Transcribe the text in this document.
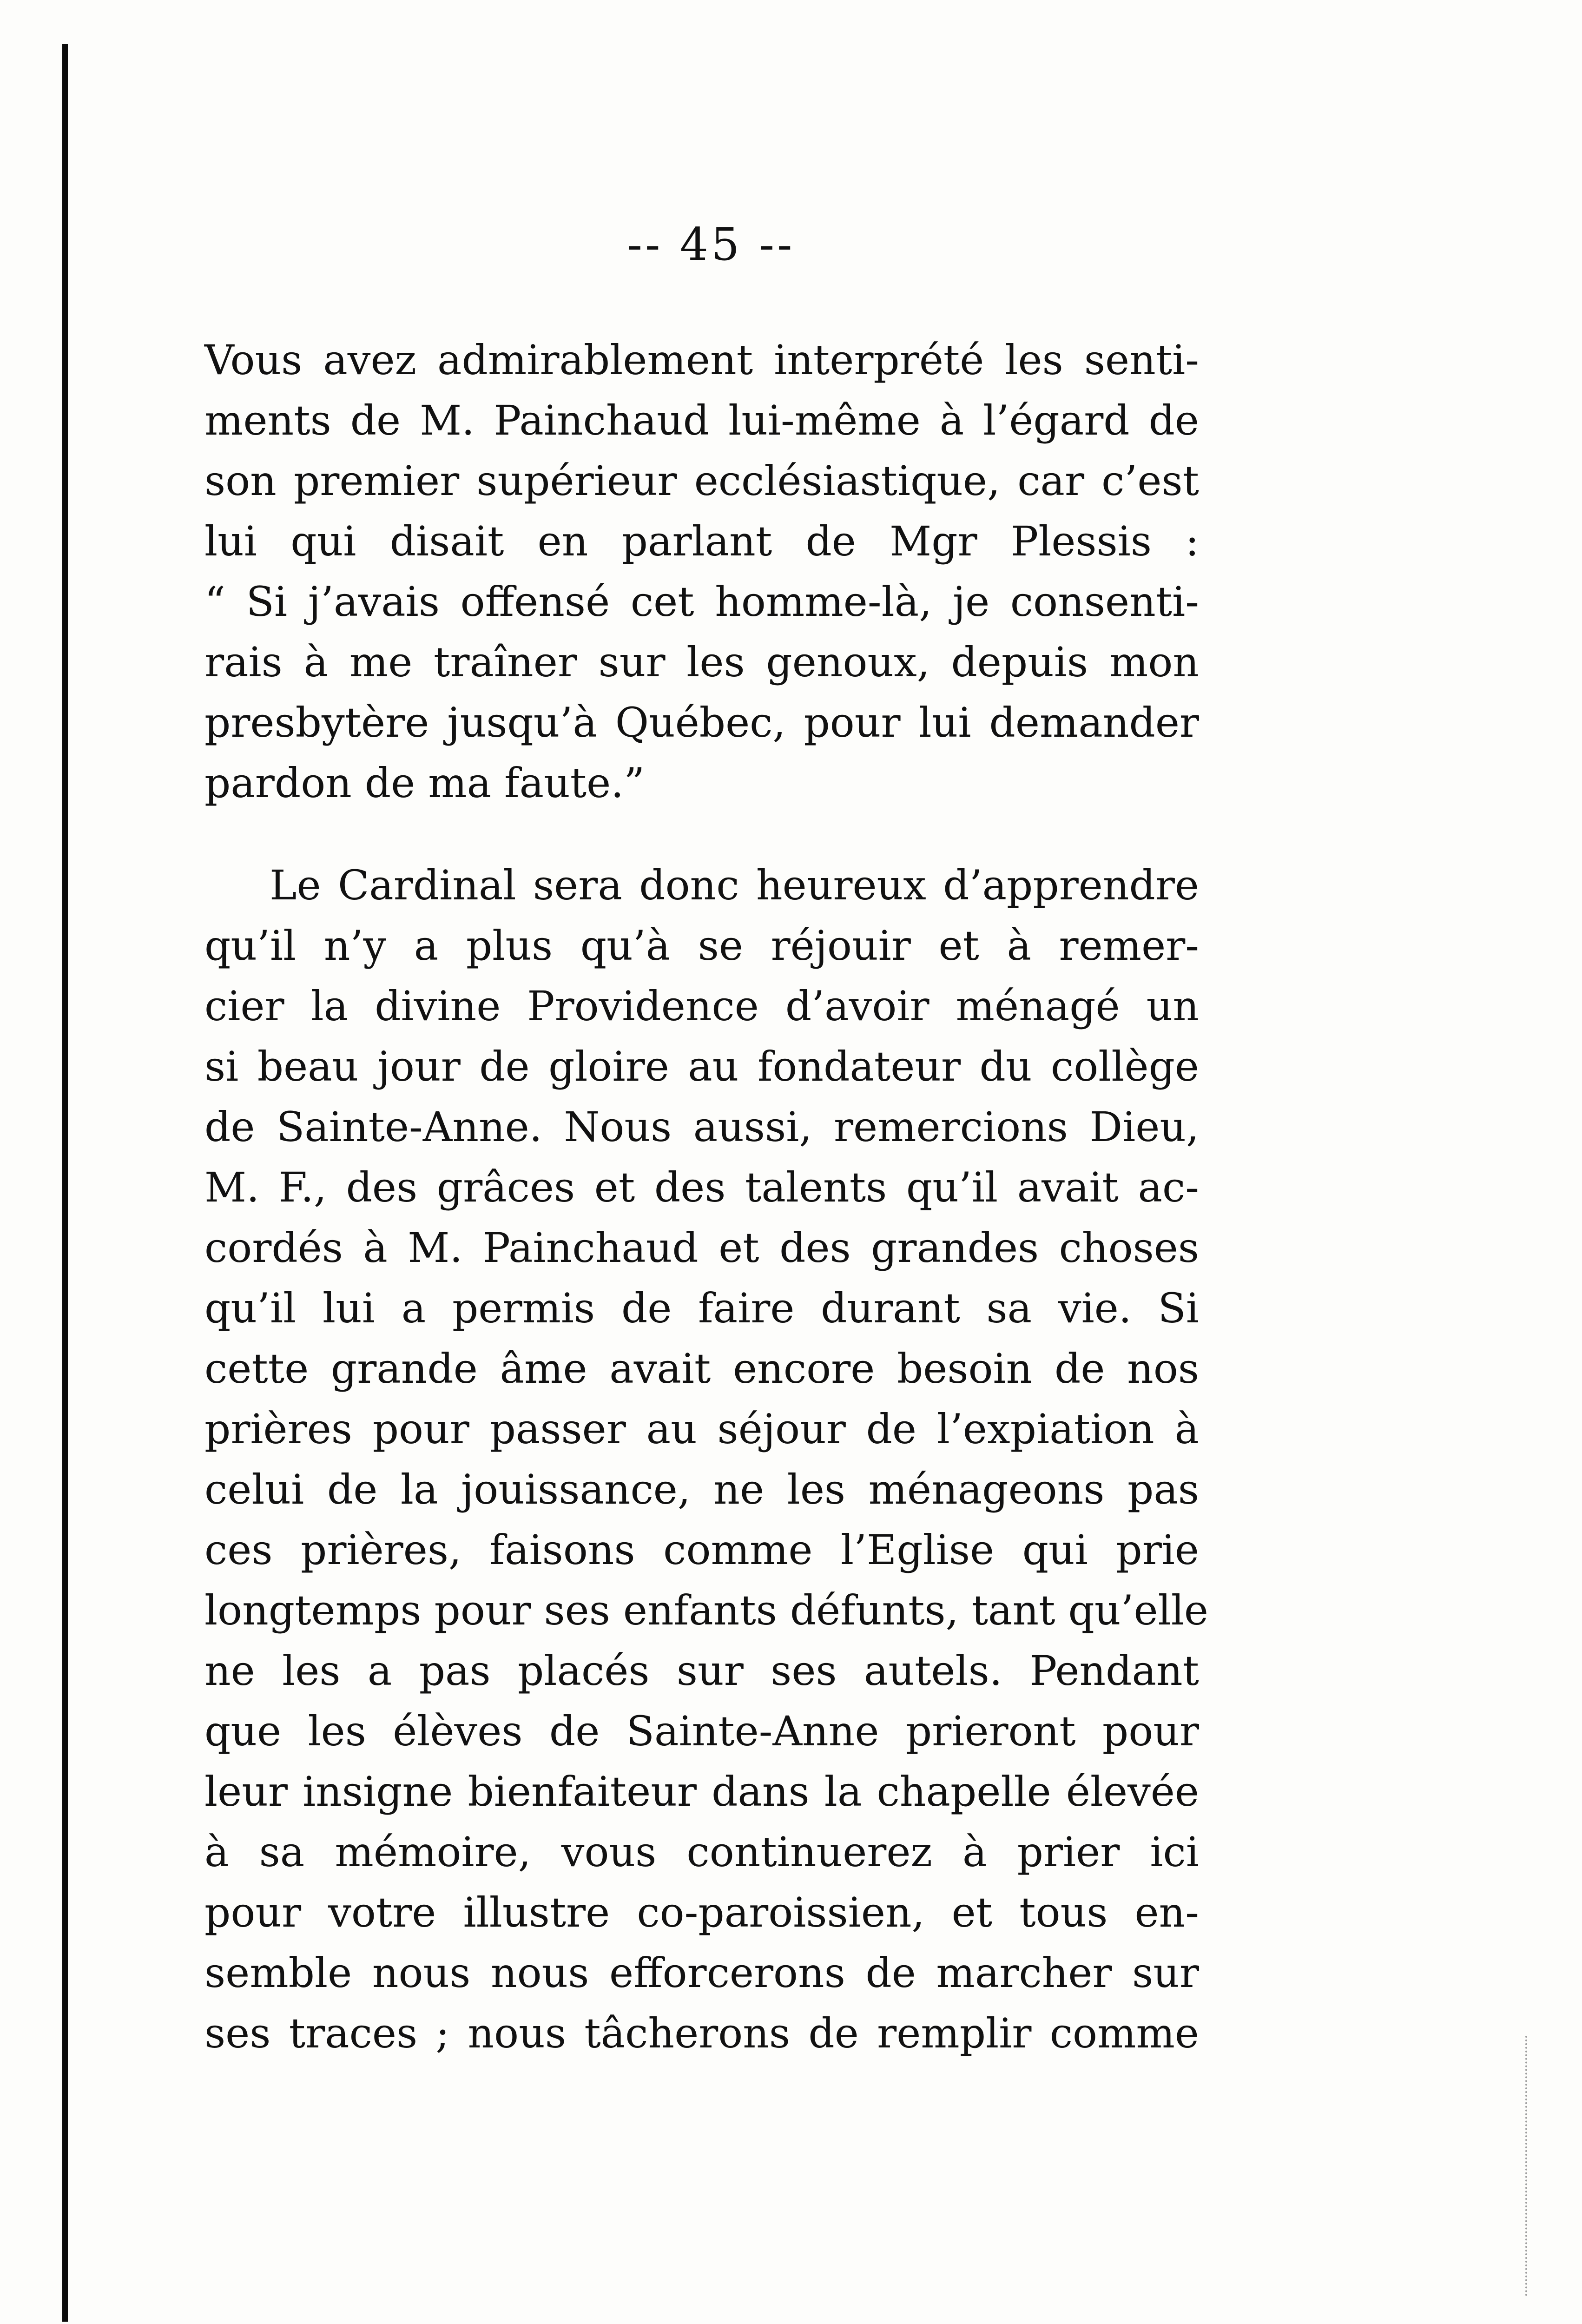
-- 45 --
Vous avez admirablement interprété les senti-
ments de M. Painchaud lui-même à l’égard de
son premier supérieur ecclésiastique, car c’est
lui qui disait en parlant de Mgr Plessis :
“ Si j’avais offensé cet homme-là, je consenti-
rais à me traîner sur les genoux, depuis mon
presbytère jusqu’à Québec, pour lui demander
pardon de ma faute.”
Le Cardinal sera donc heureux d’apprendre
qu’il n’y a plus qu’à se réjouir et à remer-
cier la divine Providence d’avoir ménagé un
si beau jour de gloire au fondateur du collège
de Sainte-Anne. Nous aussi, remercions Dieu,
M. F., des grâces et des talents qu’il avait ac-
cordés à M. Painchaud et des grandes choses
qu’il lui a permis de faire durant sa vie. Si
cette grande âme avait encore besoin de nos
prières pour passer au séjour de l’expiation à
celui de la jouissance, ne les ménageons pas
ces prières, faisons comme l’Eglise qui prie
longtemps pour ses enfants défunts, tant qu’elle
ne les a pas placés sur ses autels. Pendant
que les élèves de Sainte-Anne prieront pour
leur insigne bienfaiteur dans la chapelle élevée
à sa mémoire, vous continuerez à prier ici
pour votre illustre co-paroissien, et tous en-
semble nous nous efforcerons de marcher sur
ses traces ; nous tâcherons de remplir comme
